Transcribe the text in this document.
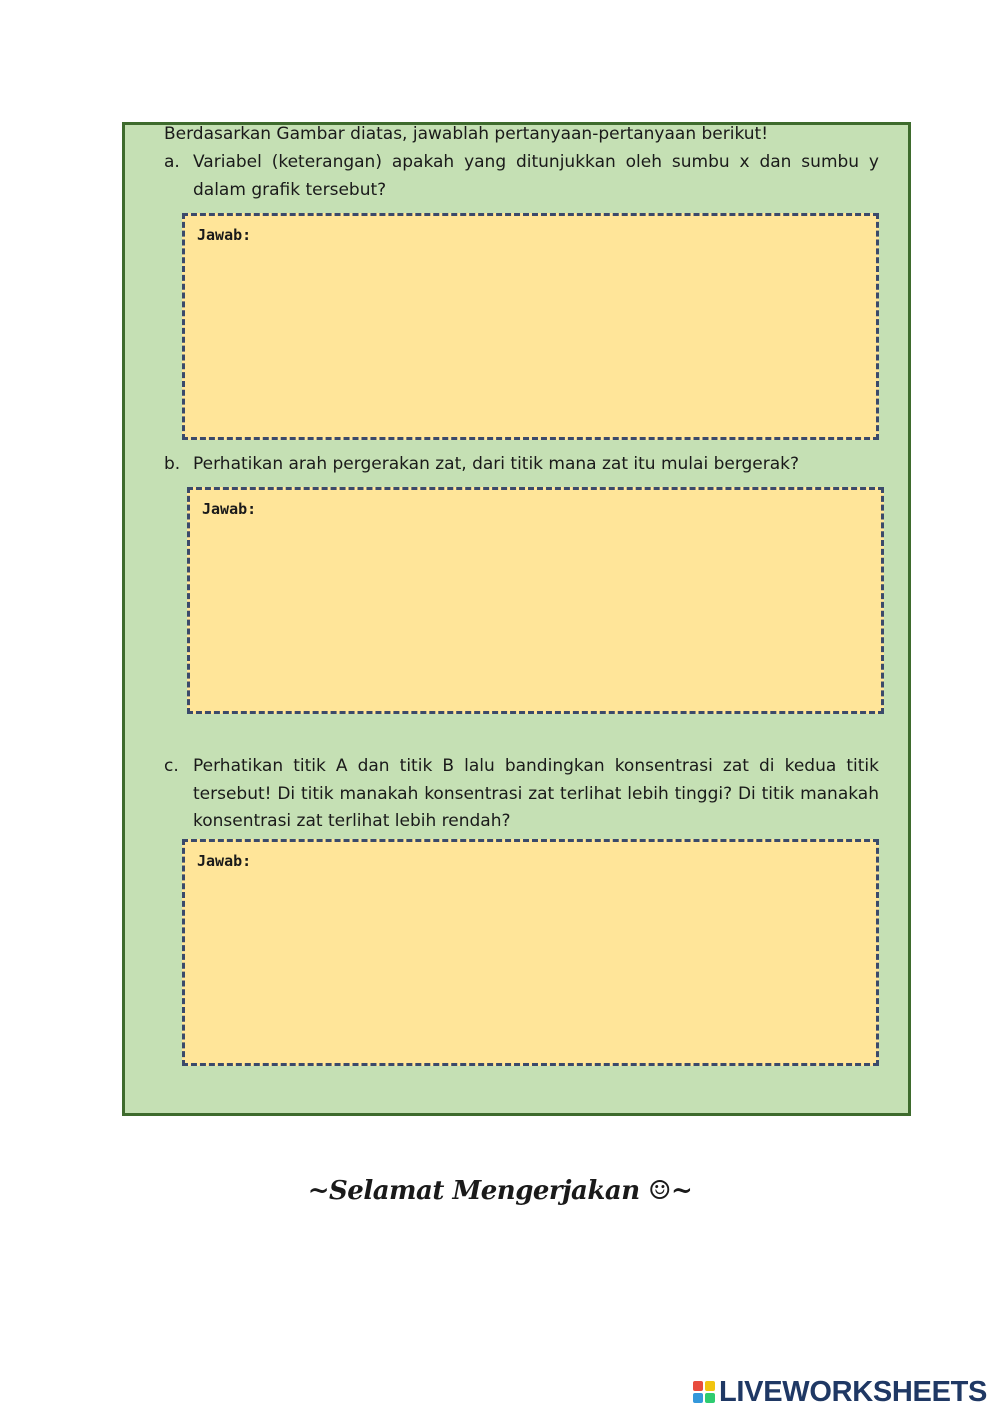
Berdasarkan Gambar diatas, jawablah pertanyaan-pertanyaan berikut!
a. Variabel (keterangan) apakah yang ditunjukkan oleh sumbu x dan sumbu y dalam grafik tersebut?
Jawab:
b. Perhatikan arah pergerakan zat, dari titik mana zat itu mulai bergerak?
Jawab:
c. Perhatikan titik A dan titik B lalu bandingkan konsentrasi zat di kedua titik tersebut! Di titik manakah konsentrasi zat terlihat lebih tinggi? Di titik manakah konsentrasi zat terlihat lebih rendah?
Jawab:
~Selamat Mengerjakan ☺~
LIVEWORKSHEETS
